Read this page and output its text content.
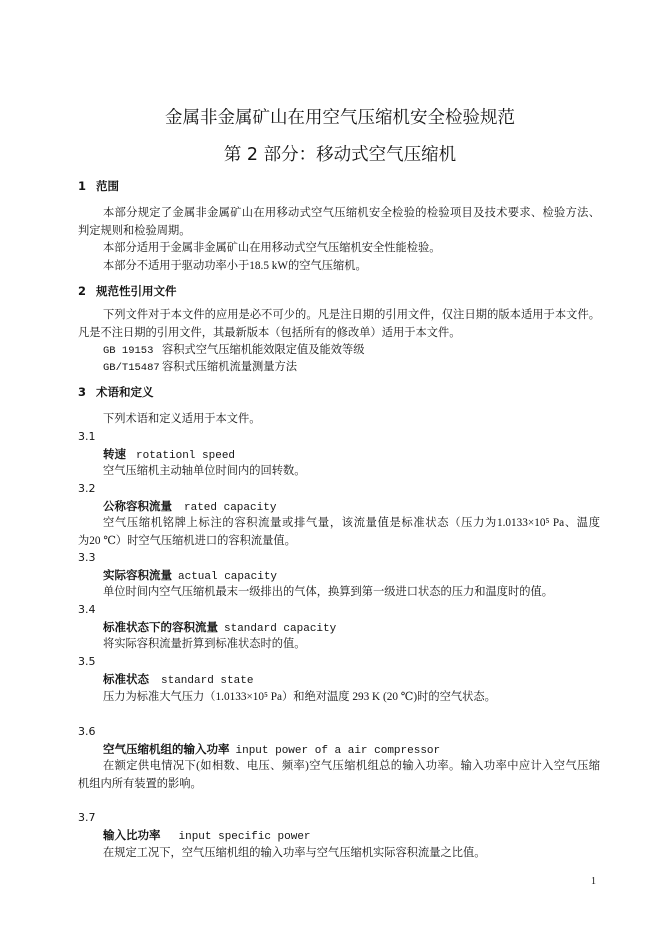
金属非金属矿山在用空气压缩机安全检验规范
第 2 部分：移动式空气压缩机
1 范围
本部分规定了金属非金属矿山在用移动式空气压缩机安全检验的检验项目及技术要求、检验方法、
判定规则和检验周期。
本部分适用于金属非金属矿山在用移动式空气压缩机安全性能检验。
本部分不适用于驱动功率小于18.5 kW的空气压缩机。
2 规范性引用文件
下列文件对于本文件的应用是必不可少的。凡是注日期的引用文件，仅注日期的版本适用于本文件。
凡是不注日期的引用文件，其最新版本（包括所有的修改单）适用于本文件。
GB 19153 容积式空气压缩机能效限定值及能效等级
GB/T15487 容积式压缩机流量测量方法
3 术语和定义
下列术语和定义适用于本文件。
3.1
转速 rotationl speed
空气压缩机主动轴单位时间内的回转数。
3.2
公称容积流量 rated capacity
空气压缩机铭牌上标注的容积流量或排气量，该流量值是标准状态（压力为1.0133×10⁵ Pa、温度
为20 ℃）时空气压缩机进口的容积流量值。
3.3
实际容积流量 actual capacity
单位时间内空气压缩机最末一级排出的气体，换算到第一级进口状态的压力和温度时的值。
3.4
标准状态下的容积流量 standard capacity
将实际容积流量折算到标准状态时的值。
3.5
标准状态 standard state
压力为标准大气压力（1.0133×10⁵ Pa）和绝对温度 293 K (20 ℃)时的空气状态。
3.6
空气压缩机组的输入功率 input power of a air compressor
在额定供电情况下(如相数、电压、频率)空气压缩机组总的输入功率。输入功率中应计入空气压缩
机组内所有装置的影响。
3.7
输入比功率 input specific power
在规定工况下，空气压缩机组的输入功率与空气压缩机实际容积流量之比值。
1
